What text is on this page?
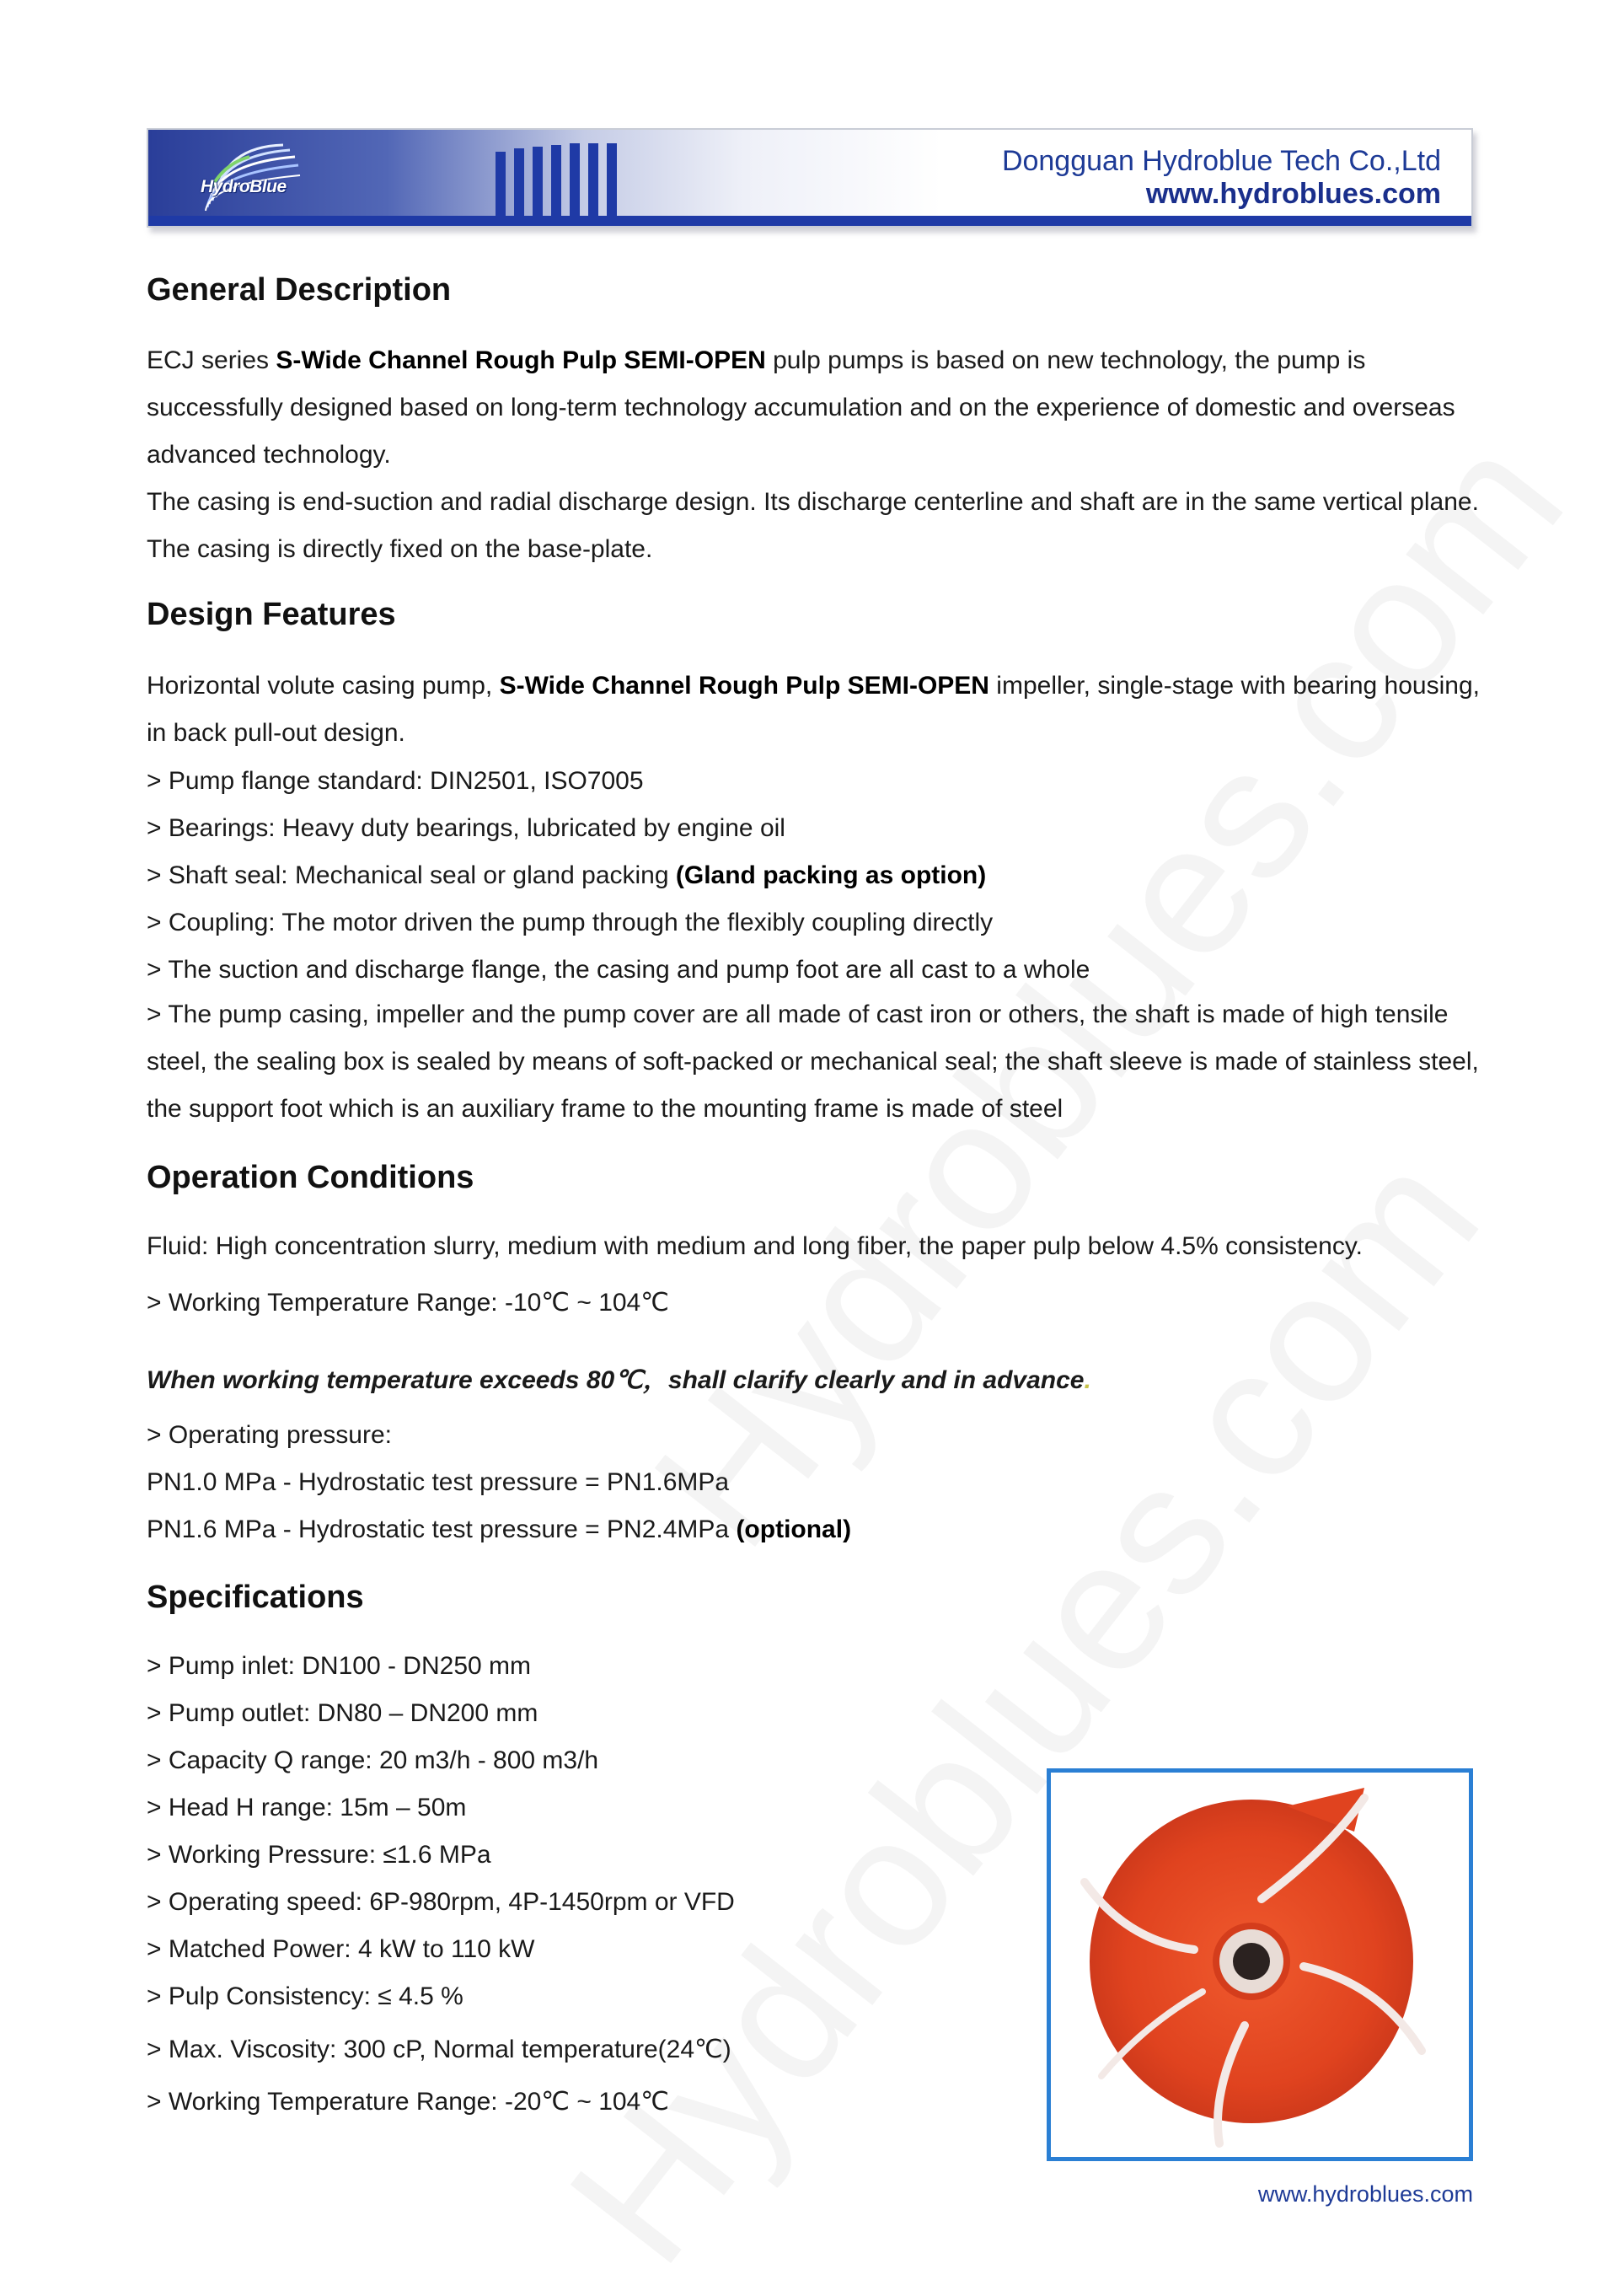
HydroBlue
Dongguan Hydroblue Tech Co.,Ltd
www.hydroblues.com
General Description
ECJ series S-Wide Channel Rough Pulp SEMI-OPEN pulp pumps is based on new technology, the pump is successfully designed based on long-term technology accumulation and on the experience of domestic and overseas advanced technology.
The casing is end-suction and radial discharge design. Its discharge centerline and shaft are in the same vertical plane. The casing is directly fixed on the base-plate.
Design Features
Horizontal volute casing pump, S-Wide Channel Rough Pulp SEMI-OPEN impeller, single-stage with bearing housing, in back pull-out design.
> Pump flange standard: DIN2501, ISO7005
> Bearings: Heavy duty bearings, lubricated by engine oil
> Shaft seal: Mechanical seal or gland packing (Gland packing as option)
> Coupling: The motor driven the pump through the flexibly coupling directly
> The suction and discharge flange, the casing and pump foot are all cast to a whole
> The pump casing, impeller and the pump cover are all made of cast iron or others, the shaft is made of high tensile steel, the sealing box is sealed by means of soft-packed or mechanical seal; the shaft sleeve is made of stainless steel, the support foot which is an auxiliary frame to the mounting frame is made of steel
Operation Conditions
Fluid: High concentration slurry, medium with medium and long fiber, the paper pulp below 4.5% consistency.
> Working Temperature Range: -10℃ ~ 104℃
When working temperature exceeds 80℃，shall clarify clearly and in advance.
> Operating pressure:
PN1.0 MPa - Hydrostatic test pressure = PN1.6MPa
PN1.6 MPa - Hydrostatic test pressure = PN2.4MPa (optional)
Specifications
> Pump inlet: DN100 - DN250 mm
> Pump outlet: DN80 – DN200 mm
> Capacity Q range: 20 m3/h - 800 m3/h
> Head H range: 15m – 50m
> Working Pressure: ≤1.6 MPa
> Operating speed: 6P-980rpm, 4P-1450rpm or VFD
> Matched Power: 4 kW to 110 kW
> Pulp Consistency: ≤ 4.5 %
> Max. Viscosity: 300 cP, Normal temperature(24℃)
> Working Temperature Range: -20℃ ~ 104℃
www.hydroblues.com
